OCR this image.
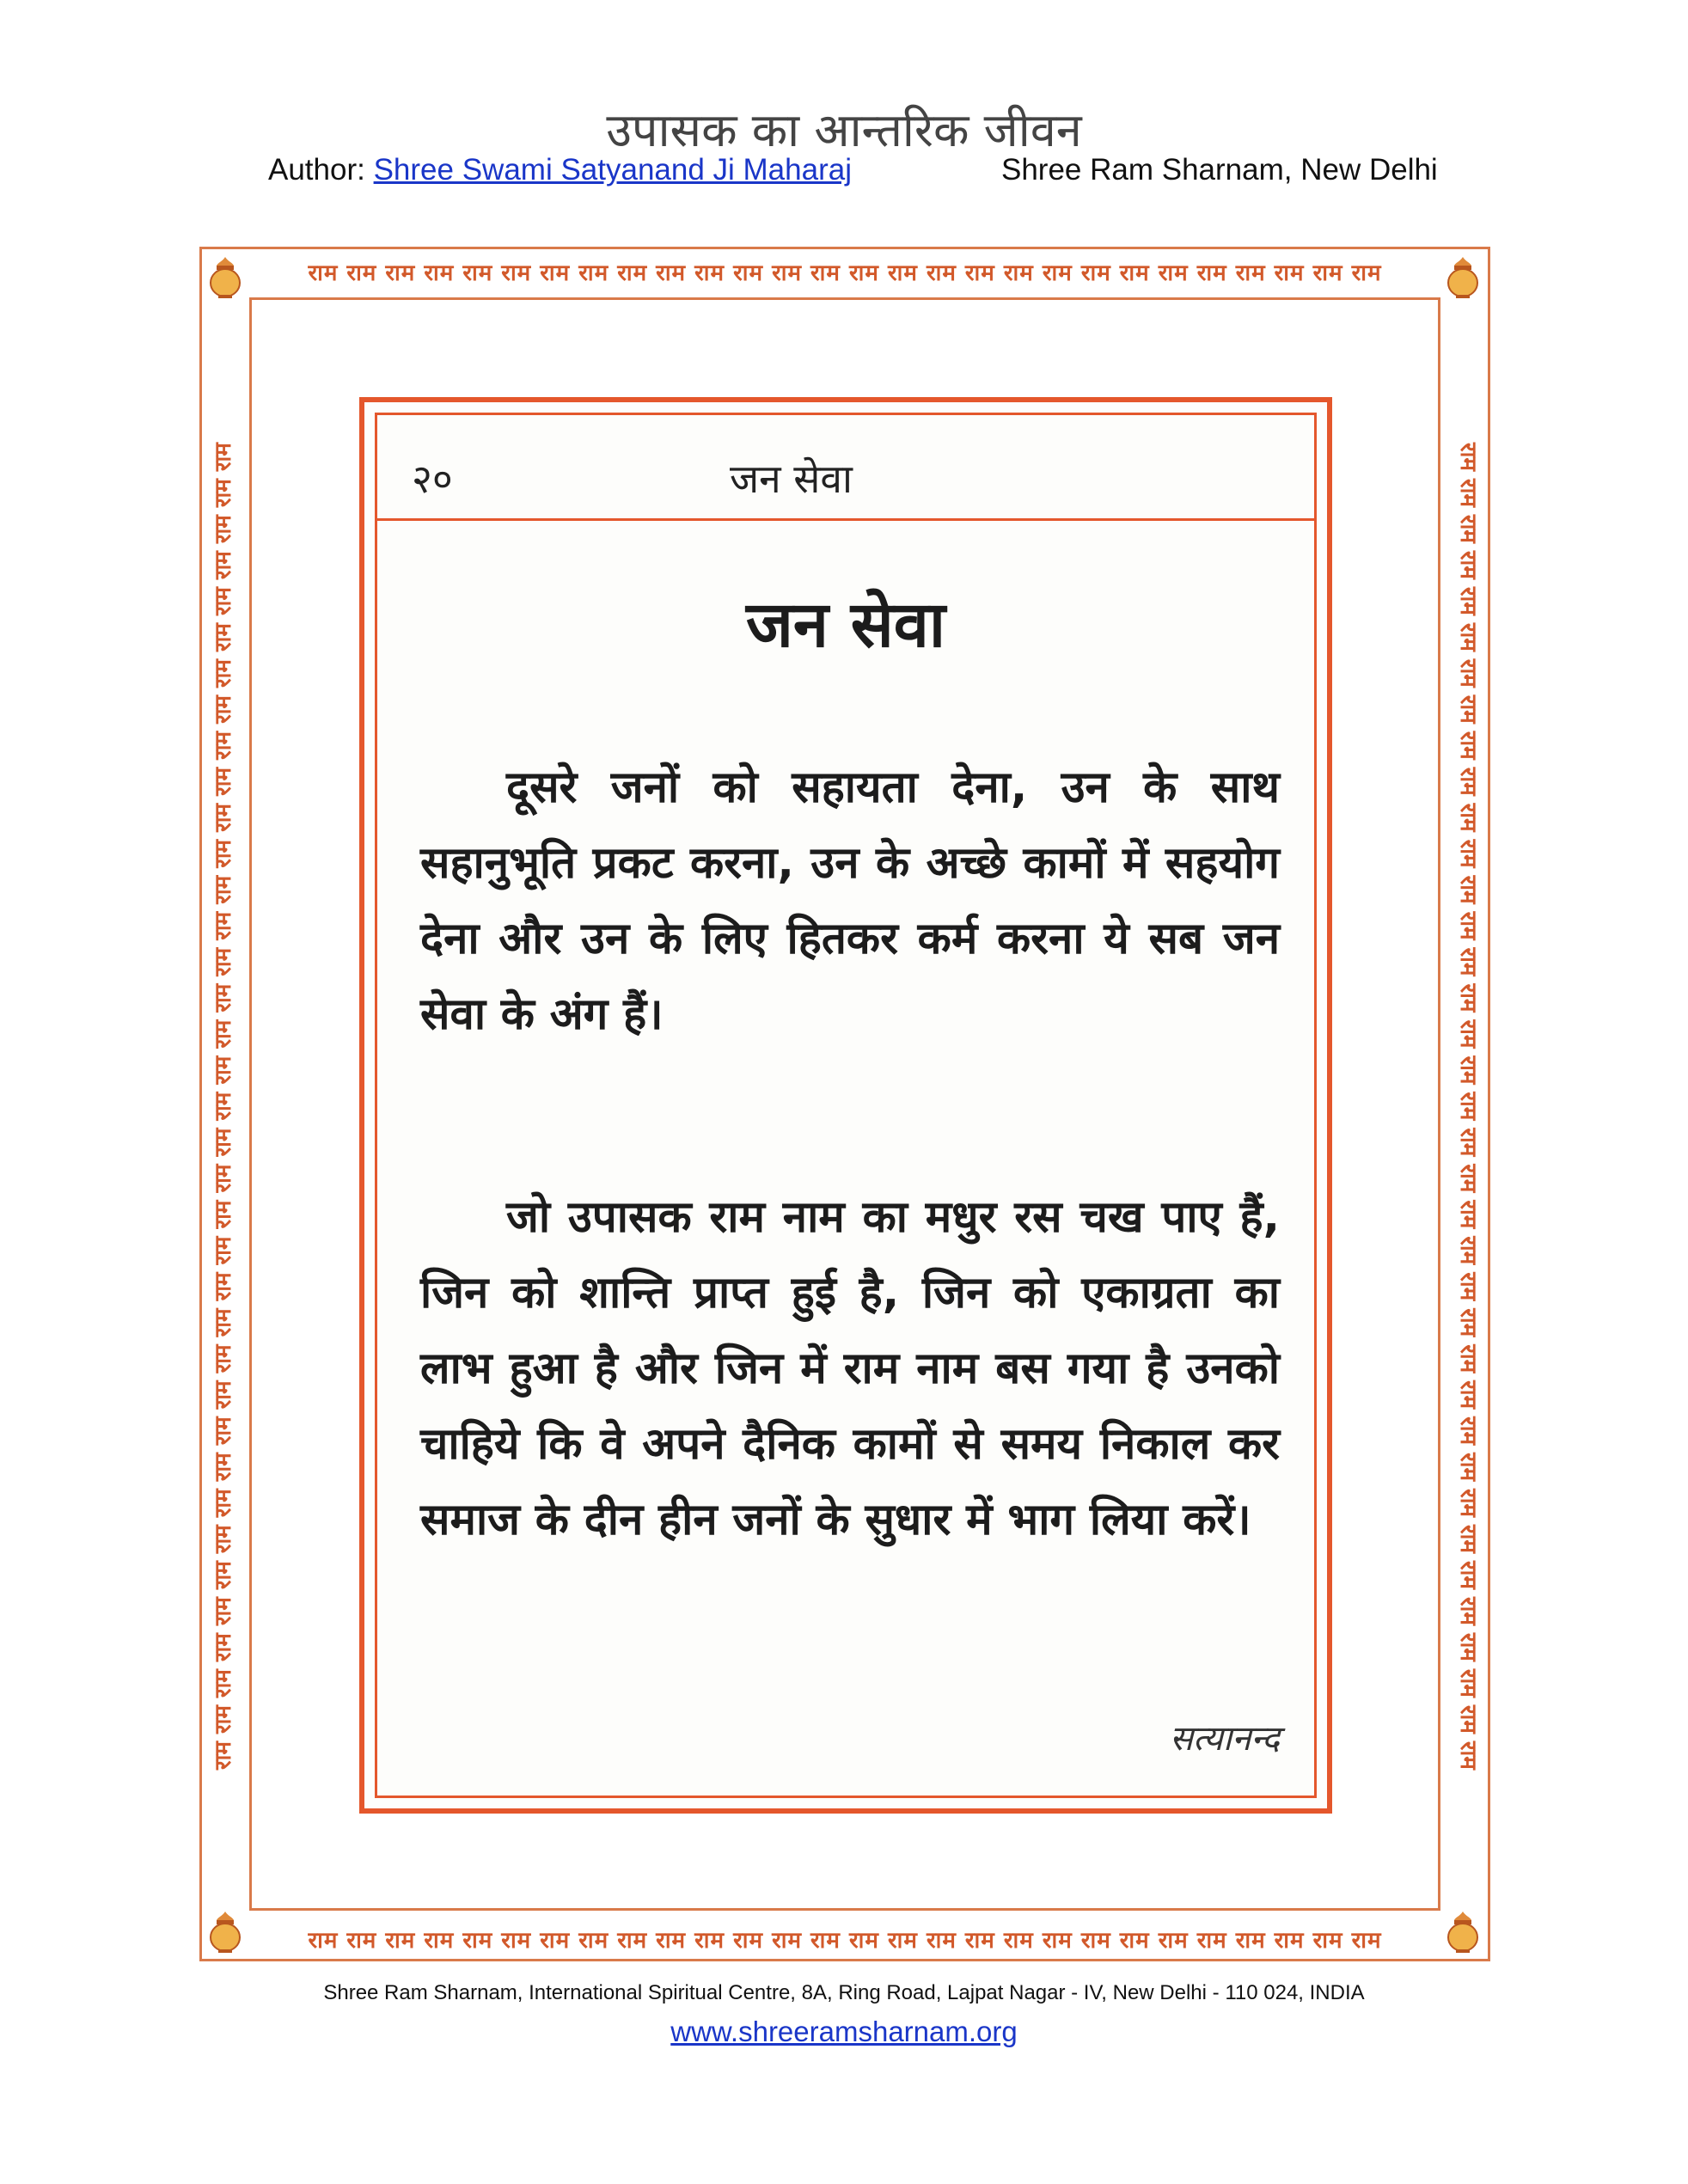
उपासक का आन्तरिक जीवन
Author: Shree Swami Satyanand Ji Maharaj	Shree Ram Sharnam, New Delhi
राम राम राम राम राम राम राम राम राम राम राम राम राम राम राम राम राम राम राम राम राम राम राम राम राम राम राम राम
राम राम राम राम राम राम राम राम राम राम राम राम राम राम राम राम राम राम राम राम राम राम राम राम राम राम राम राम
राम राम राम राम राम राम राम राम राम राम राम राम राम राम राम राम राम राम राम राम राम राम राम राम राम राम राम राम राम राम राम राम राम राम राम राम राम	राम राम राम राम राम राम राम राम राम राम राम राम राम राम राम राम राम राम राम राम राम राम राम राम राम राम राम राम राम राम राम राम राम राम राम राम राम
२०	जन सेवा
जन सेवा
दूसरे जनों को सहायता देना, उन के साथ सहानुभूति प्रकट करना, उन के अच्छे कामों में सहयोग देना और उन के लिए हितकर कर्म करना ये सब जन सेवा के अंग हैं।
जो उपासक राम नाम का मधुर रस चख पाए हैं, जिन को शान्ति प्राप्त हुई है, जिन को एकाग्रता का लाभ हुआ है और जिन में राम नाम बस गया है उनको चाहिये कि वे अपने दैनिक कामों से समय निकाल कर समाज के दीन हीन जनों के सुधार में भाग लिया करें।
सत्यानन्द
Shree Ram Sharnam, International Spiritual Centre, 8A, Ring Road, Lajpat Nagar - IV, New Delhi - 110 024, INDIA
www.shreeramsharnam.org
